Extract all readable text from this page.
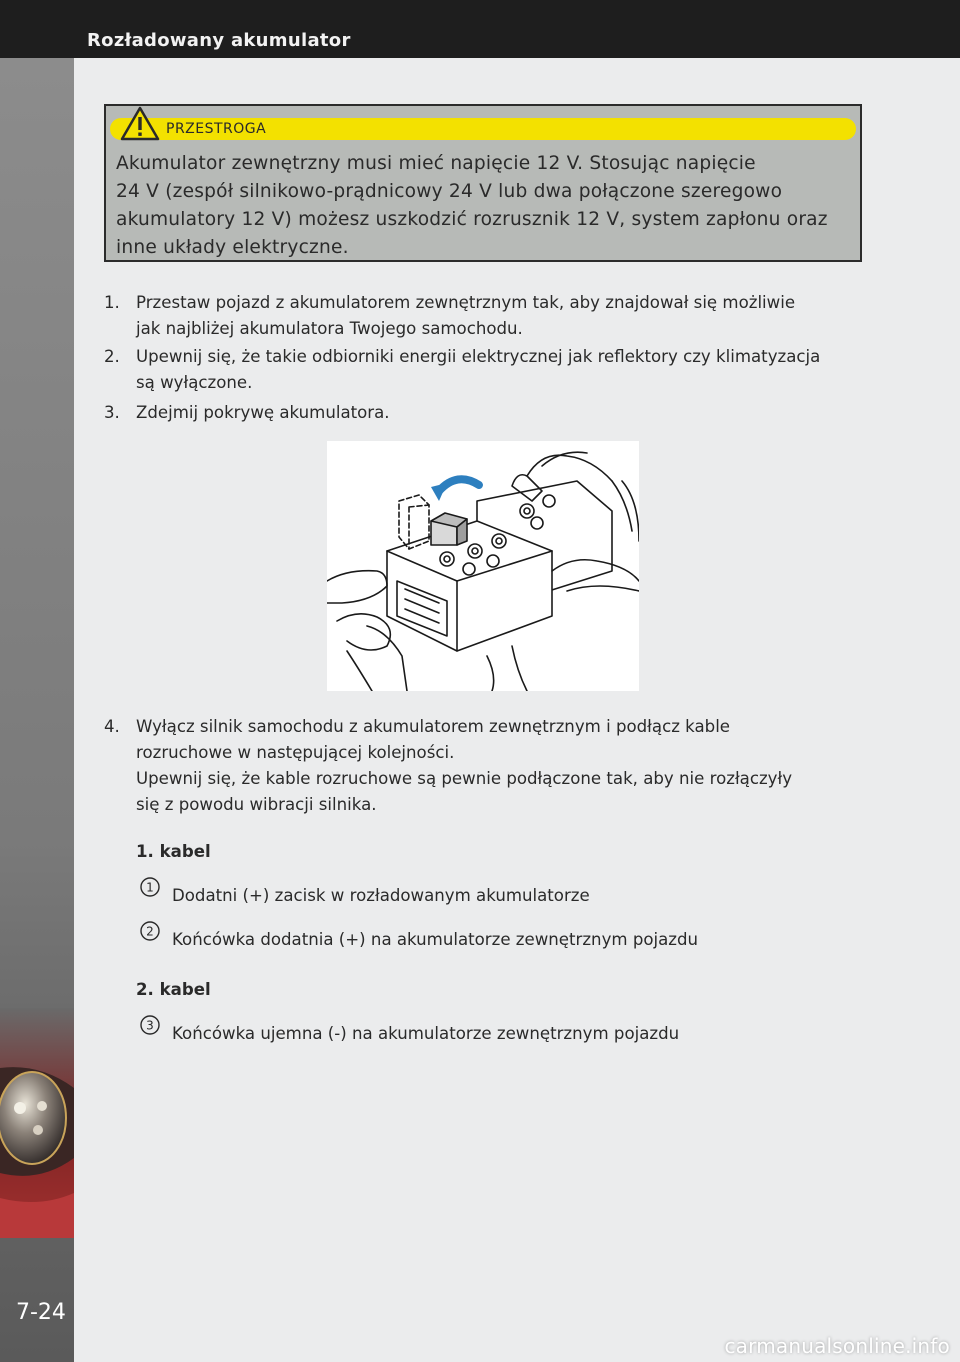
Rozładowany akumulator
7-24
carmanualsonline.info
PRZESTROGA
Akumulator zewnętrzny musi mieć napięcie 12 V. Stosując napięcie
24 V (zespół silnikowo-prądnicowy 24 V lub dwa połączone szeregowo
akumulatory 12 V) możesz uszkodzić rozrusznik 12 V, system zapłonu oraz
inne układy elektryczne.
1. Przestaw pojazd z akumulatorem zewnętrznym tak, aby znajdował się możliwie
jak najbliżej akumulatora Twojego samochodu.
2. Upewnij się, że takie odbiorniki energii elektrycznej jak reflektory czy klimatyzacja
są wyłączone.
3. Zdejmij pokrywę akumulatora.
4. Wyłącz silnik samochodu z akumulatorem zewnętrznym i podłącz kable
rozruchowe w następującej kolejności.
Upewnij się, że kable rozruchowe są pewnie podłączone tak, aby nie rozłączyły
się z powodu wibracji silnika.
1. kabel
1 Dodatni (+) zacisk w rozładowanym akumulatorze
2 Końcówka dodatnia (+) na akumulatorze zewnętrznym pojazdu
2. kabel
3 Końcówka ujemna (-) na akumulatorze zewnętrznym pojazdu
